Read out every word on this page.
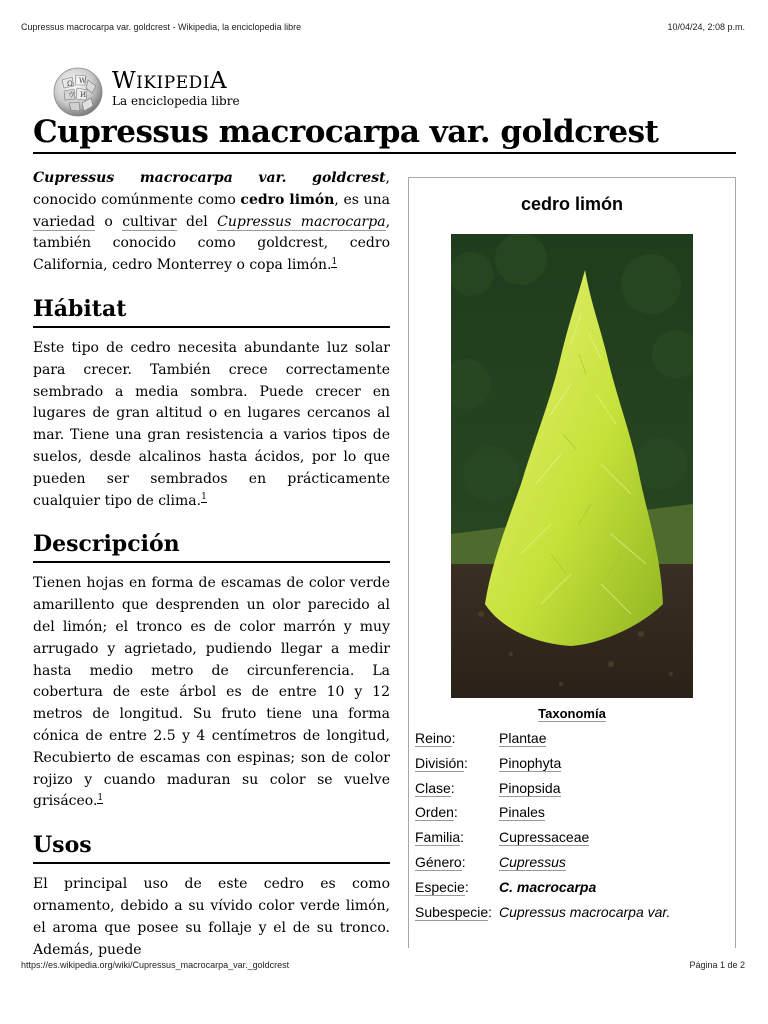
Cupressus macrocarpa var. goldcrest - Wikipedia, la enciclopedia libre	10/04/24, 2:08 p.m.
Ω W
И
ウ
WIKIPEDIA
La enciclopedia libre
Cupressus macrocarpa var. goldcrest

Cupressus macrocarpa var. goldcrest, conocido comúnmente como cedro limón, es una variedad o cultivar del Cupressus macrocarpa, también conocido como goldcrest, cedro California, cedro Monterrey o copa limón.$^1$

Hábitat

Este tipo de cedro necesita abundante luz solar para crecer. También crece correctamente sembrado a media sombra. Puede crecer en lugares de gran altitud o en lugares cercanos al mar. Tiene una gran resistencia a varios tipos de suelos, desde alcalinos hasta ácidos, por lo que pueden ser sembrados en prácticamente cualquier tipo de clima.$^1$

Descripción

Tienen hojas en forma de escamas de color verde amarillento que desprenden un olor parecido al del limón; el tronco es de color marrón y muy arrugado y agrietado, pudiendo llegar a medir hasta medio metro de circunferencia. La cobertura de este árbol es de entre 10 y 12 metros de longitud. Su fruto tiene una forma cónica de entre 2.5 y 4 centímetros de longitud, Recubierto de escamas con espinas; son de color rojizo y cuando maduran su color se vuelve grisáceo.$^1$

Usos

El principal uso de este cedro es como ornamento, debido a su vívido color verde limón, el aroma que posee su follaje y el de su tronco. Además, puede

cedro limón
Taxonomía
Reino:	Plantae
División: Pinophyta
Clase:	Pinopsida
Orden:	Pinales
Familia: Cupressaceae
Género: Cupressus
Especie: C. macrocarpa
Subespecie: Cupressus macrocarpa var.
https://es.wikipedia.org/wiki/Cupressus_macrocarpa_var._goldcrest	Página 1 de 2
